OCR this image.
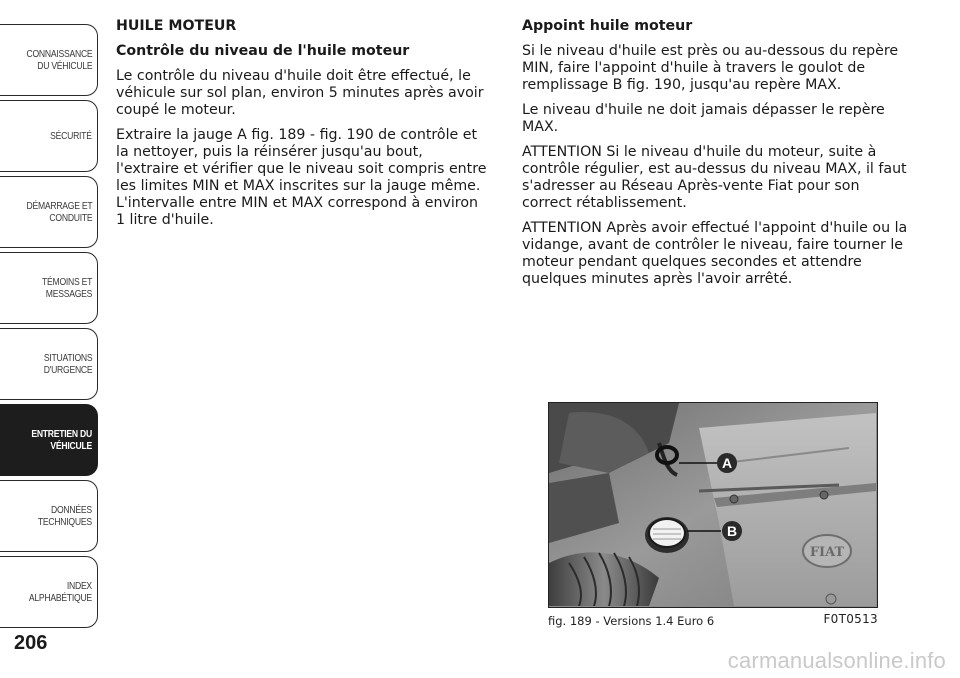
CONNAISSANCE
DU VÉHICULE
SÉCURITÉ
DÉMARRAGE ET
CONDUITE
TÉMOINS ET
MESSAGES
SITUATIONS
D'URGENCE
ENTRETIEN DU
VÉHICULE
DONNÉES
TECHNIQUES
INDEX
ALPHABÉTIQUE
206
HUILE MOTEUR
Contrôle du niveau de l'huile moteur

Le contrôle du niveau d'huile doit être effectué, le véhicule sur sol plan, environ 5 minutes après avoir coupé le moteur.

Extraire la jauge A fig. 189 - fig. 190 de contrôle et la nettoyer, puis la réinsérer jusqu'au bout, l'extraire et vérifier que le niveau soit compris entre les limites MIN et MAX inscrites sur la jauge même. L'intervalle entre MIN et MAX correspond à environ 1 litre d'huile.

Appoint huile moteur

Si le niveau d'huile est près ou au-dessous du repère MIN, faire l'appoint d'huile à travers le goulot de remplissage B fig. 190, jusqu'au repère MAX.

Le niveau d'huile ne doit jamais dépasser le repère MAX.

ATTENTION Si le niveau d'huile du moteur, suite à contrôle régulier, est au-dessus du niveau MAX, il faut s'adresser au Réseau Après-vente Fiat pour son correct rétablissement.

ATTENTION Après avoir effectué l'appoint d'huile ou la vidange, avant de contrôler le niveau, faire tourner le moteur pendant quelques secondes et attendre quelques minutes après l'avoir arrêté.

FIAT
A
B
fig. 189 - Versions 1.4 Euro 6	F0T0513
carmanualsonline.info
